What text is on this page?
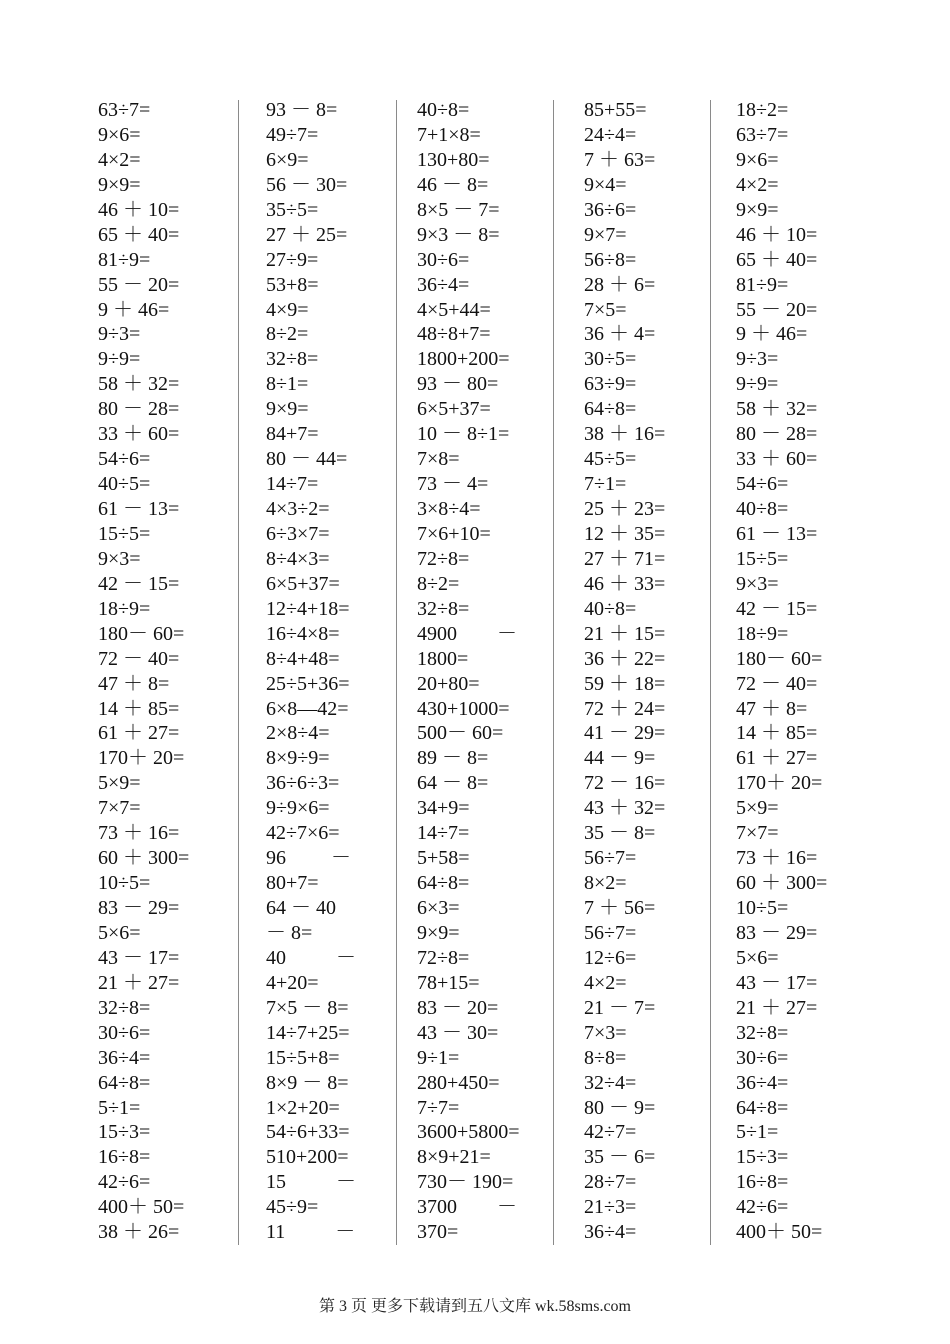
63÷7=
9×6=
4×2=
9×9=
46 ＋ 10=
65 ＋ 40=
81÷9=
55 － 20=
9 ＋ 46=
9÷3=
9÷9=
58 ＋ 32=
80 － 28=
33 ＋ 60=
54÷6=
40÷5=
61 － 13=
15÷5=
9×3=
42 － 15=
18÷9=
180－ 60=
72 － 40=
47 ＋ 8=
14 ＋ 85=
61 ＋ 27=
170＋ 20=
5×9=
7×7=
73 ＋ 16=
60 ＋ 300=
10÷5=
83 － 29=
5×6=
43 － 17=
21 ＋ 27=
32÷8=
30÷6=
36÷4=
64÷8=
5÷1=
15÷3=
16÷8=
42÷6=
400＋ 50=
38 ＋ 26=
93 － 8=
49÷7=
6×9=
56 － 30=
35÷5=
27 ＋ 25=
27÷9=
53+8=
4×9=
8÷2=
32÷8=
8÷1=
9×9=
84+7=
80 － 44=
14÷7=
4×3÷2=
6÷3×7=
8÷4×3=
6×5+37=
12÷4+18=
16÷4×8=
8÷4+48=
25÷5+36=
6×8—42=
2×8÷4=
8×9÷9=
36÷6÷3=
9÷9×6=
42÷7×6=
96         －
80+7=
64 － 40
－ 8=
40          －
4+20=
7×5 － 8=
14÷7+25=
15÷5+8=
8×9 － 8=
1×2+20=
54÷6+33=
510+200=
15          －
45÷9=
11          －
40÷8=
7+1×8=
130+80=
46 － 8=
8×5 － 7=
9×3 － 8=
30÷6=
36÷4=
4×5+44=
48÷8+7=
1800+200=
93 － 80=
6×5+37=
10 － 8÷1=
7×8=
73 － 4=
3×8÷4=
7×6+10=
72÷8=
8÷2=
32÷8=
4900        －
1800=
20+80=
430+1000=
500－ 60=
89 － 8=
64 － 8=
34+9=
14÷7=
5+58=
64÷8=
6×3=
9×9=
72÷8=
78+15=
83 － 20=
43 － 30=
9÷1=
280+450=
7÷7=
3600+5800=
8×9+21=
730－ 190=
3700        －
370=
85+55=
24÷4=
7 ＋ 63=
9×4=
36÷6=
9×7=
56÷8=
28 ＋ 6=
7×5=
36 ＋ 4=
30÷5=
63÷9=
64÷8=
38 ＋ 16=
45÷5=
7÷1=
25 ＋ 23=
12 ＋ 35=
27 ＋ 71=
46 ＋ 33=
40÷8=
21 ＋ 15=
36 ＋ 22=
59 ＋ 18=
72 ＋ 24=
41 － 29=
44 － 9=
72 － 16=
43 ＋ 32=
35 － 8=
56÷7=
8×2=
7 ＋ 56=
56÷7=
12÷6=
4×2=
21 － 7=
7×3=
8÷8=
32÷4=
80 － 9=
42÷7=
35 － 6=
28÷7=
21÷3=
36÷4=
18÷2=
63÷7=
9×6=
4×2=
9×9=
46 ＋ 10=
65 ＋ 40=
81÷9=
55 － 20=
9 ＋ 46=
9÷3=
9÷9=
58 ＋ 32=
80 － 28=
33 ＋ 60=
54÷6=
40÷8=
61 － 13=
15÷5=
9×3=
42 － 15=
18÷9=
180－ 60=
72 － 40=
47 ＋ 8=
14 ＋ 85=
61 ＋ 27=
170＋ 20=
5×9=
7×7=
73 ＋ 16=
60 ＋ 300=
10÷5=
83 － 29=
5×6=
43 － 17=
21 ＋ 27=
32÷8=
30÷6=
36÷4=
64÷8=
5÷1=
15÷3=
16÷8=
42÷6=
400＋ 50=
第 3 页 更多下载请到五八文库 wk.58sms.com
